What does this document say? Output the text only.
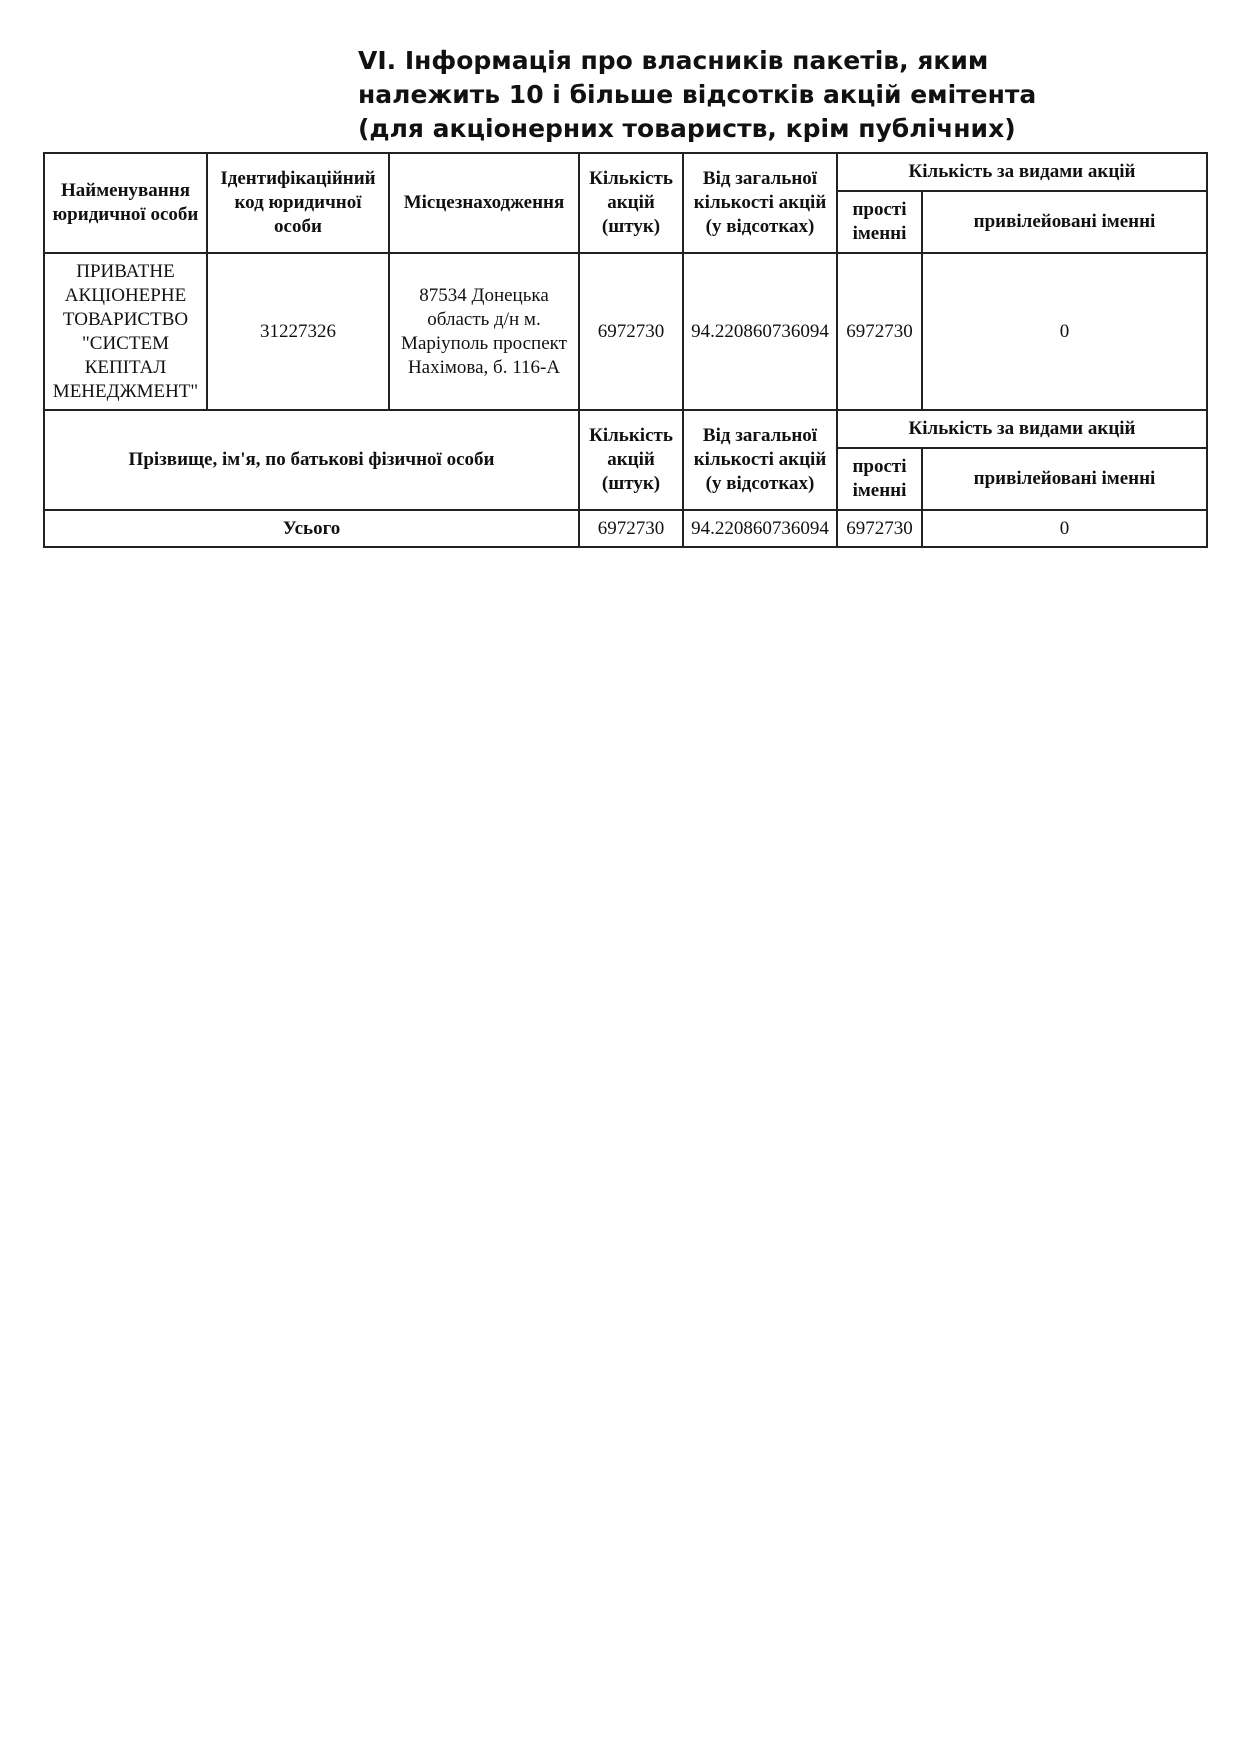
VI. Інформація про власників пакетів, яким
належить 10 і більше відсотків акцій емітента
(для акціонерних товариств, крім публічних)
Найменування юридичної особи	Ідентифікаційний код юридичної особи	Місцезнаходження	Кількість акцій (штук)	Від загальної кількості акцій (у відсотках)	Кількість за видами акцій	
					прості іменні	привілейовані іменні
ПРИВАТНЕ АКЦІОНЕРНЕ ТОВАРИСТВО "СИСТЕМ КЕПІТАЛ МЕНЕДЖМЕНТ"	31227326	87534 Донецька область д/н м. Маріуполь проспект Нахімова, б. 116-А	6972730	94.220860736094	6972730	0
Прізвище, ім'я, по батькові фізичної особи			Кількість акцій (штук)	Від загальної кількості акцій (у відсотках)	Кількість за видами акцій	
					прості іменні	привілейовані іменні
Усього			6972730	94.220860736094	6972730	0
